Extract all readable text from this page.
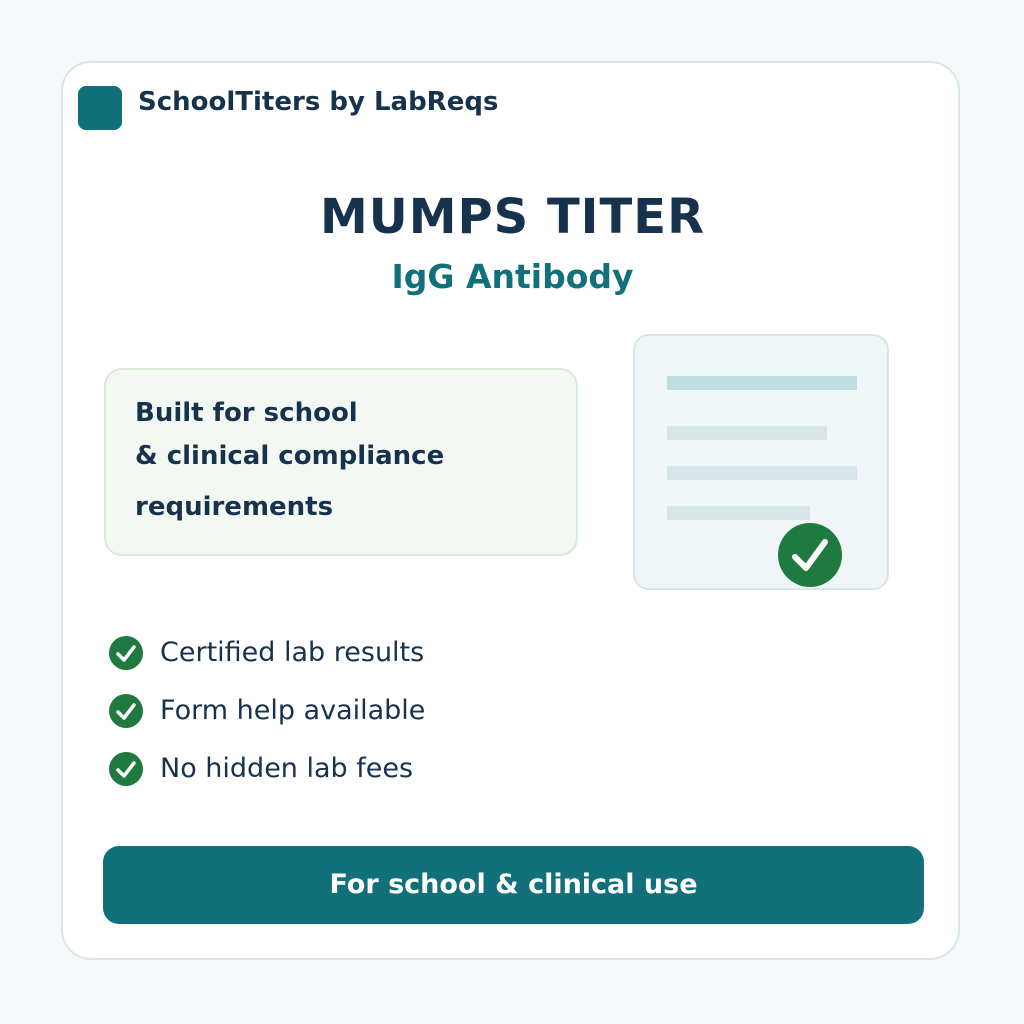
SchoolTiters by LabReqs
MUMPS TITER
IgG Antibody
Built for school
& clinical compliance
requirements
Certified lab results
Form help available
No hidden lab fees
For school & clinical use
